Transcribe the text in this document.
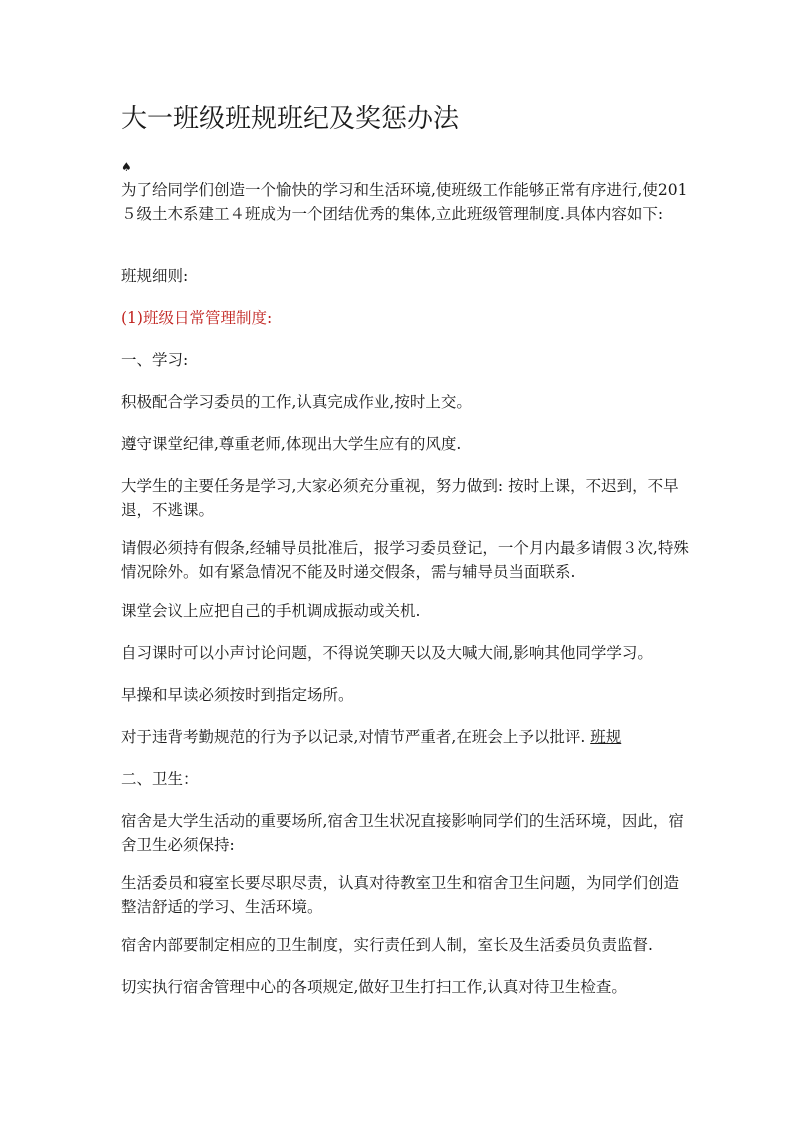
大一班级班规班纪及奖惩办法
♠

为了给同学们创造一个愉快的学习和生活环境,使班级工作能够正常有序进行,使201５级土木系建工４班成为一个团结优秀的集体,立此班级管理制度.具体内容如下:

班规细则:

(1)班级日常管理制度:

一、学习:

积极配合学习委员的工作,认真完成作业,按时上交。

遵守课堂纪律,尊重老师,体现出大学生应有的风度.

大学生的主要任务是学习,大家必须充分重视，努力做到: 按时上课，不迟到，不早退，不逃课。

请假必须持有假条,经辅导员批准后，报学习委员登记，一个月内最多请假３次,特殊情况除外。如有紧急情况不能及时递交假条，需与辅导员当面联系.

课堂会议上应把自己的手机调成振动或关机.

自习课时可以小声讨论问题，不得说笑聊天以及大喊大闹,影响其他同学学习。

早操和早读必须按时到指定场所。

对于违背考勤规范的行为予以记录,对情节严重者,在班会上予以批评. 班规

二、卫生：

宿舍是大学生活动的重要场所,宿舍卫生状况直接影响同学们的生活环境，因此，宿舍卫生必须保持:

生活委员和寝室长要尽职尽责，认真对待教室卫生和宿舍卫生问题，为同学们创造整洁舒适的学习、生活环境。

宿舍内部要制定相应的卫生制度，实行责任到人制，室长及生活委员负责监督.

切实执行宿舍管理中心的各项规定,做好卫生打扫工作,认真对待卫生检查。
